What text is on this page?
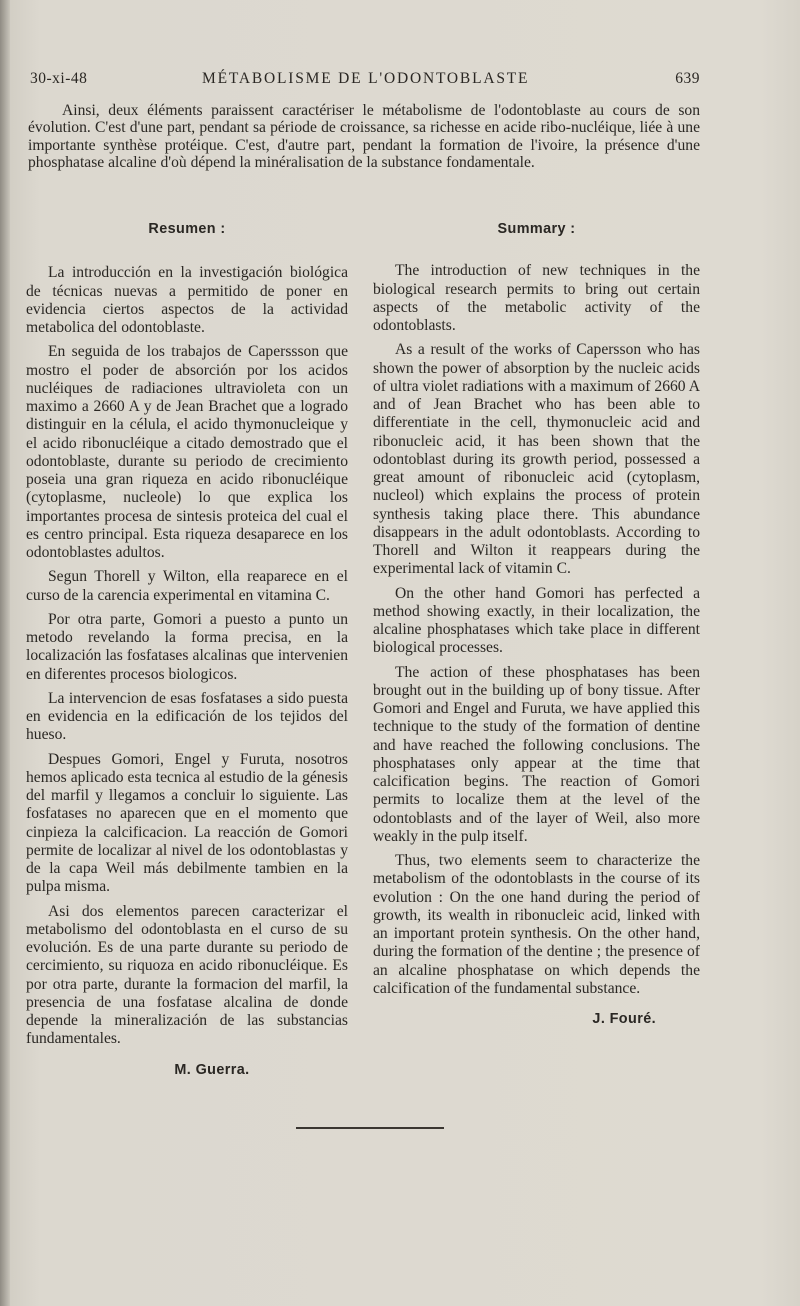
30-xi-48	MÉTABOLISME DE L'ODONTOBLASTE	639

Ainsi, deux éléments paraissent caractériser le métabolisme de l'odontoblaste au cours de son évolution. C'est d'une part, pendant sa période de croissance, sa richesse en acide ribo-nucléique, liée à une importante synthèse protéique. C'est, d'autre part, pendant la formation de l'ivoire, la présence d'une phosphatase alcaline d'où dépend la minéralisation de la substance fondamentale.

Resumen :

La introducción en la investigación biológica de técnicas nuevas a permitido de poner en evidencia ciertos aspectos de la actividad metabolica del odontoblaste.

En seguida de los trabajos de Caperssson que mostro el poder de absorción por los acidos nucléiques de radiaciones ultravioleta con un maximo a 2660 A y de Jean Brachet que a logrado distinguir en la célula, el acido thymonucleique y el acido ribonucléique a citado demostrado que el odontoblaste, durante su periodo de crecimiento poseia una gran riqueza en acido ribonucléique (cytoplasme, nucleole) lo que explica los importantes procesa de sintesis proteica del cual el es centro principal. Esta riqueza desaparece en los odontoblastes adultos.

Segun Thorell y Wilton, ella reaparece en el curso de la carencia experimental en vitamina C.

Por otra parte, Gomori a puesto a punto un metodo revelando la forma precisa, en la localización las fosfatases alcalinas que intervenien en diferentes procesos biologicos.

La intervencion de esas fosfatases a sido puesta en evidencia en la edificación de los tejidos del hueso.

Despues Gomori, Engel y Furuta, nosotros hemos aplicado esta tecnica al estudio de la génesis del marfil y llegamos a concluir lo siguiente. Las fosfatases no aparecen que en el momento que cinpieza la calcificacion. La reacción de Gomori permite de localizar al nivel de los odontoblastas y de la capa Weil más debilmente tambien en la pulpa misma.

Asi dos elementos parecen caracterizar el metabolismo del odontoblasta en el curso de su evolución. Es de una parte durante su periodo de cercimiento, su riquoza en acido ribonucléique. Es por otra parte, durante la formacion del marfil, la presencia de una fosfatase alcalina de donde depende la mineralización de las substancias fundamentales.

M. Guerra.
Summary :

The introduction of new techniques in the biological research permits to bring out certain aspects of the metabolic activity of the odontoblasts.

As a result of the works of Capersson who has shown the power of absorption by the nucleic acids of ultra violet radiations with a maximum of 2660 A and of Jean Brachet who has been able to differentiate in the cell, thymonucleic acid and ribonucleic acid, it has been shown that the odontoblast during its growth period, possessed a great amount of ribonucleic acid (cytoplasm, nucleol) which explains the process of protein synthesis taking place there. This abundance disappears in the adult odontoblasts. According to Thorell and Wilton it reappears during the experimental lack of vitamin C.

On the other hand Gomori has perfected a method showing exactly, in their localization, the alcaline phosphatases which take place in different biological processes.

The action of these phosphatases has been brought out in the building up of bony tissue. After Gomori and Engel and Furuta, we have applied this technique to the study of the formation of dentine and have reached the following conclusions. The phosphatases only appear at the time that calcification begins. The reaction of Gomori permits to localize them at the level of the odontoblasts and of the layer of Weil, also more weakly in the pulp itself.

Thus, two elements seem to characterize the metabolism of the odontoblasts in the course of its evolution : On the one hand during the period of growth, its wealth in ribonucleic acid, linked with an important protein synthesis. On the other hand, during the formation of the dentine ; the presence of an alcaline phosphatase on which depends the calcification of the fundamental substance.

J. Fouré.
